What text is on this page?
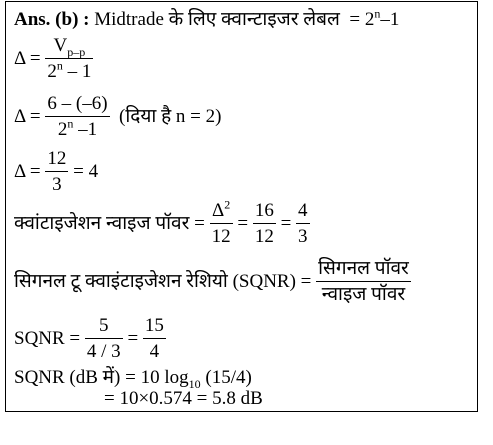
Ans. (b) : Midtrade के लिए क्वान्टाइजर लेबल = $2^n-1$
$\Delta = \frac{V_{p-p}}{2^n - 1}$
$\Delta = \frac{6 - (-6)}{2^n -1}$ (दिया है n = 2)
$\Delta = \frac{12}{3} = 4$
क्वांटाइजेशन न्वाइज पॉवर = $\frac{\Delta^2}{12} = \frac{16}{12} = \frac{4}{3}$
सिगनल टू क्वाइंटाइजेशन रेशियो (SQNR) = $\frac{\text{सिगनल पॉवर}}{\text{न्वाइज पॉवर}}$
SQNR = $\frac{5}{4 / 3} = \frac{15}{4}$
SQNR (dB में) = 10 $\log_{10} (15/4)$
= 10×0.574 = 5.8 dB
